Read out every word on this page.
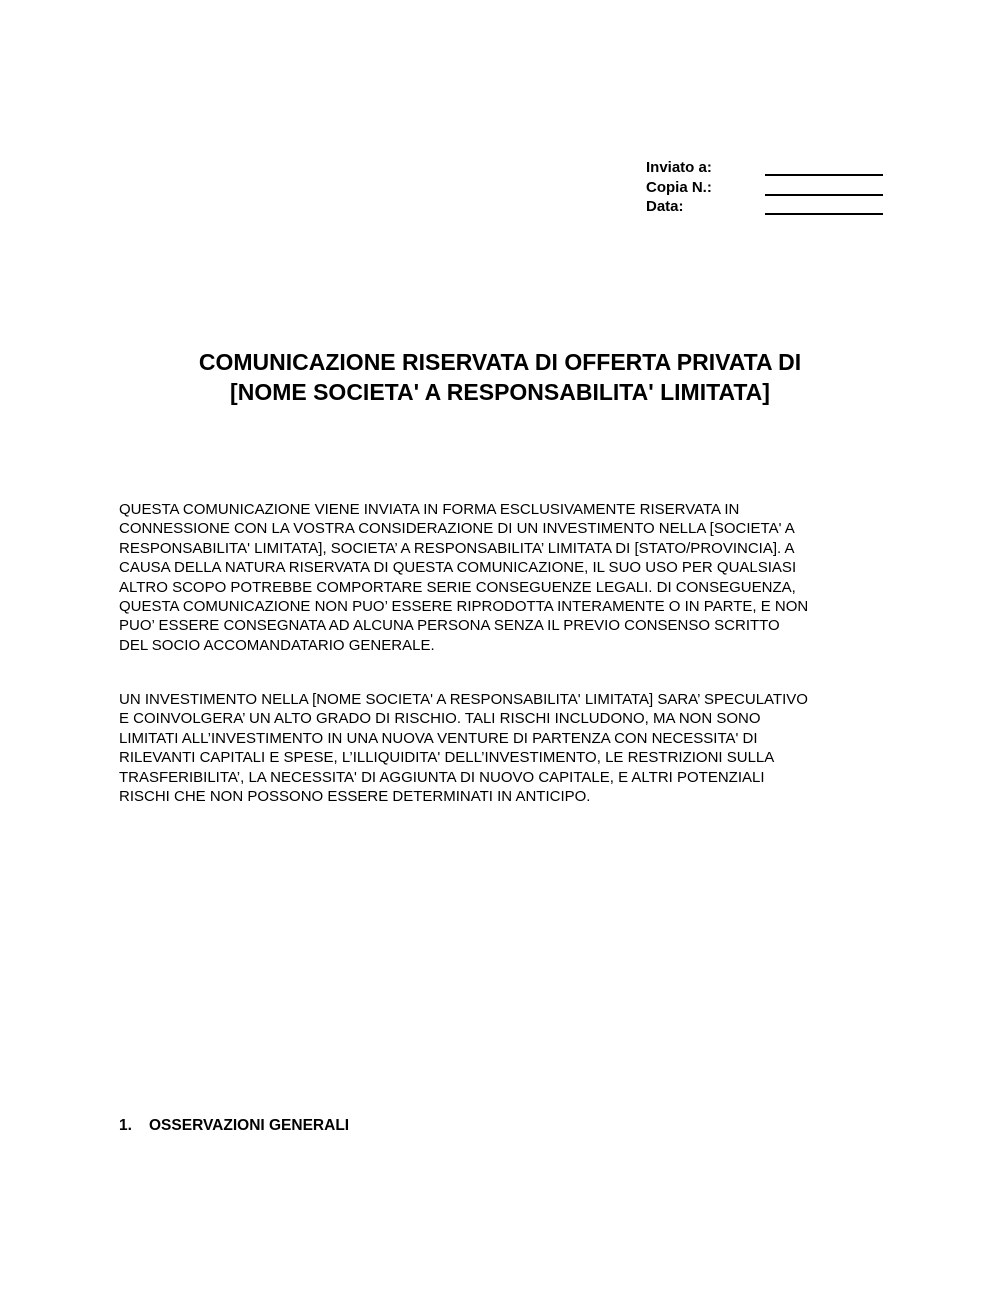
Inviato a:
Copia N.:
Data:
COMUNICAZIONE RISERVATA DI OFFERTA PRIVATA DI
[NOME SOCIETA' A RESPONSABILITA' LIMITATA]
QUESTA COMUNICAZIONE VIENE INVIATA IN FORMA ESCLUSIVAMENTE RISERVATA IN
CONNESSIONE CON LA VOSTRA CONSIDERAZIONE DI UN INVESTIMENTO NELLA [SOCIETA' A
RESPONSABILITA' LIMITATA], SOCIETA’ A RESPONSABILITA’ LIMITATA DI [STATO/PROVINCIA]. A
CAUSA DELLA NATURA RISERVATA DI QUESTA COMUNICAZIONE, IL SUO USO PER QUALSIASI
ALTRO SCOPO POTREBBE COMPORTARE SERIE CONSEGUENZE LEGALI. DI CONSEGUENZA,
QUESTA COMUNICAZIONE NON PUO’ ESSERE RIPRODOTTA INTERAMENTE O IN PARTE, E NON
PUO’ ESSERE CONSEGNATA AD ALCUNA PERSONA SENZA IL PREVIO CONSENSO SCRITTO
DEL SOCIO ACCOMANDATARIO GENERALE.
UN INVESTIMENTO NELLA [NOME SOCIETA' A RESPONSABILITA' LIMITATA] SARA’ SPECULATIVO
E COINVOLGERA’ UN ALTO GRADO DI RISCHIO. TALI RISCHI INCLUDONO, MA NON SONO
LIMITATI ALL’INVESTIMENTO IN UNA NUOVA VENTURE DI PARTENZA CON NECESSITA' DI
RILEVANTI CAPITALI E SPESE, L’ILLIQUIDITA' DELL’INVESTIMENTO, LE RESTRIZIONI SULLA
TRASFERIBILITA’, LA NECESSITA' DI AGGIUNTA DI NUOVO CAPITALE, E ALTRI POTENZIALI
RISCHI CHE NON POSSONO ESSERE DETERMINATI IN ANTICIPO.
1. OSSERVAZIONI GENERALI
